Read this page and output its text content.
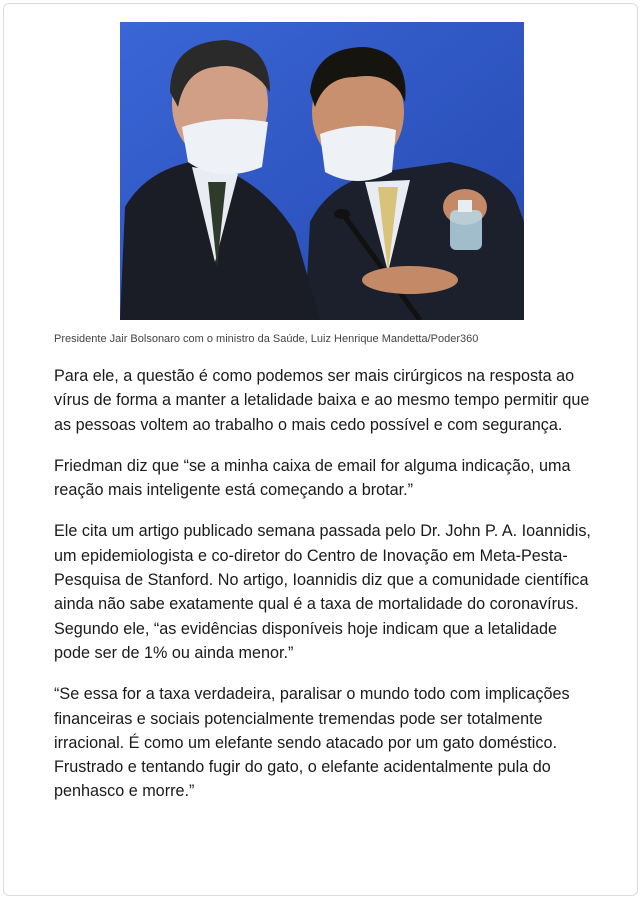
Presidente Jair Bolsonaro com o ministro da Saúde, Luiz Henrique Mandetta/Poder360

Para ele, a questão é como podemos ser mais cirúrgicos na resposta ao vírus de forma a manter a letalidade baixa e ao mesmo tempo permitir que as pessoas voltem ao trabalho o mais cedo possível e com segurança.

Friedman diz que “se a minha caixa de email for alguma indicação, uma reação mais inteligente está começando a brotar.”

Ele cita um artigo publicado semana passada pelo Dr. John P. A. Ioannidis, um epidemiologista e co-diretor do Centro de Inovação em Meta-Pesta-Pesquisa de Stanford. No artigo, Ioannidis diz que a comunidade científica ainda não sabe exatamente qual é a taxa de mortalidade do coronavírus. Segundo ele, “as evidências disponíveis hoje indicam que a letalidade pode ser de 1% ou ainda menor.”

“Se essa for a taxa verdadeira, paralisar o mundo todo com implicações financeiras e sociais potencialmente tremendas pode ser totalmente irracional. É como um elefante sendo atacado por um gato doméstico. Frustrado e tentando fugir do gato, o elefante acidentalmente pula do penhasco e morre.”
